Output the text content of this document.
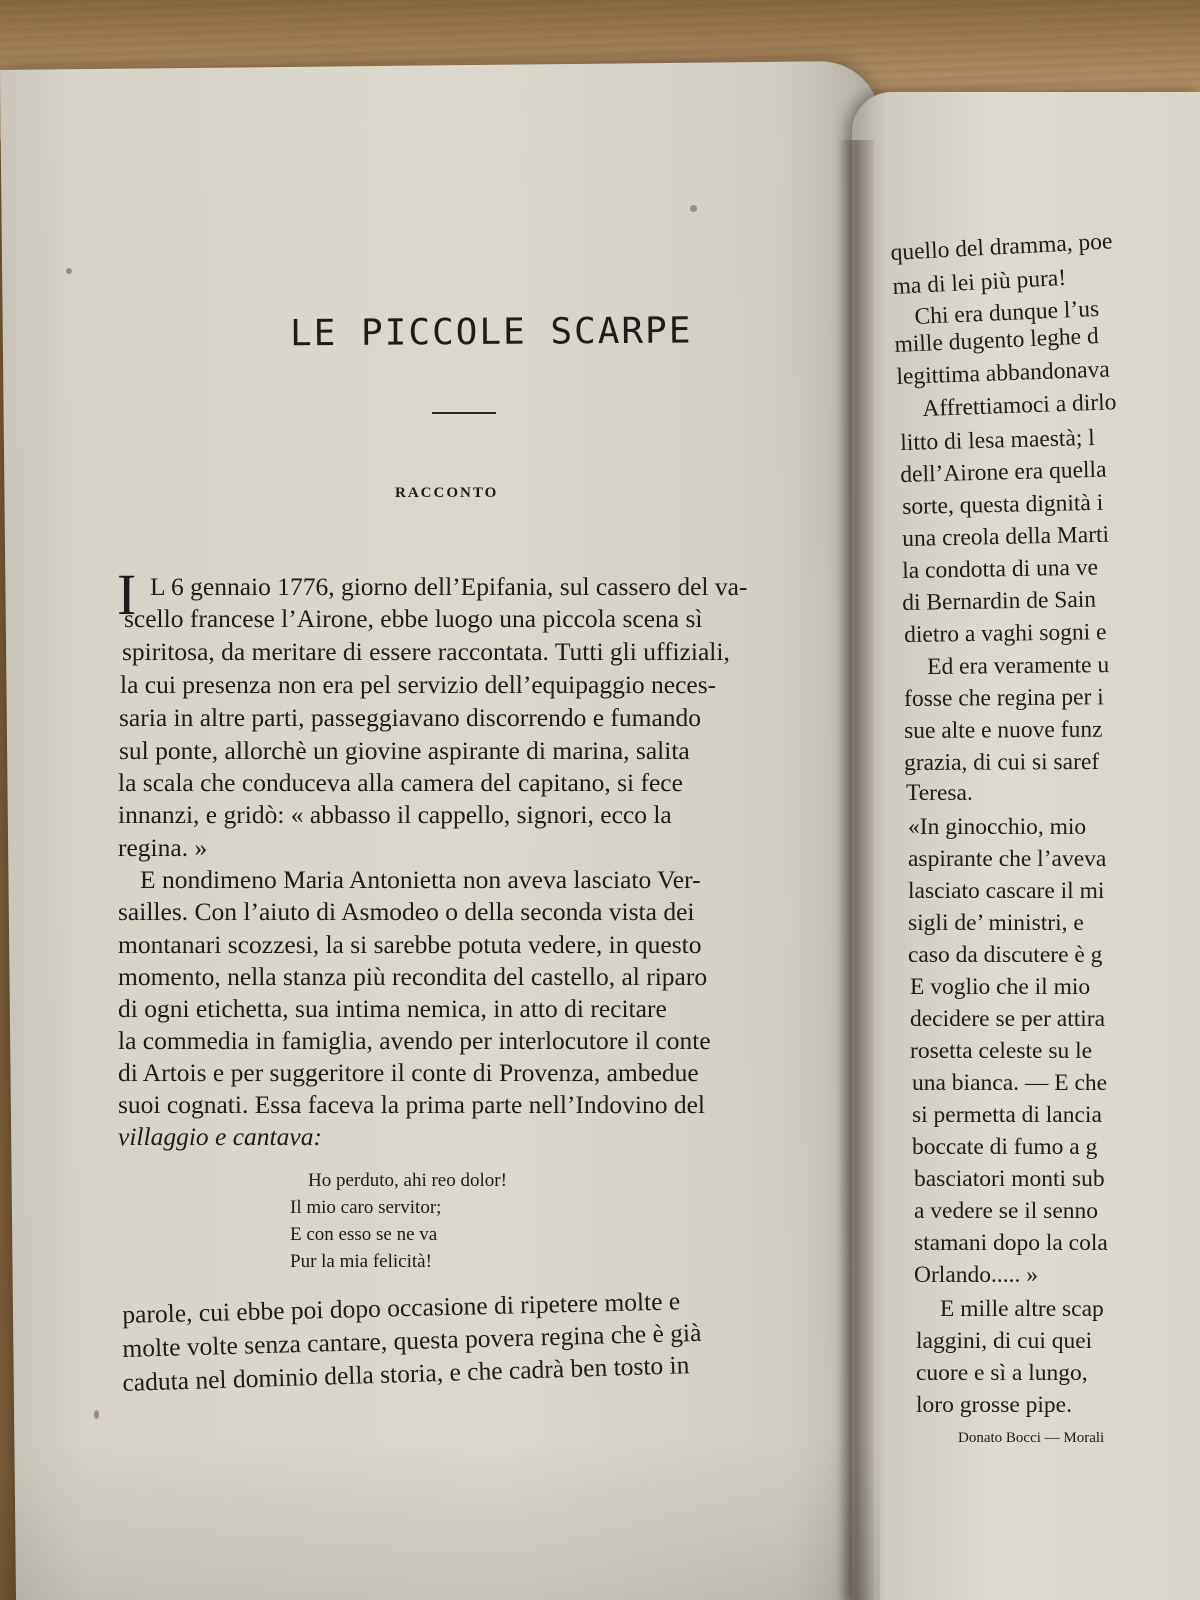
LE PICCOLE SCARPE
RACCONTO
I L 6 gennaio 1776, giorno dell’Epifania, sul cassero del va-
scello francese l’Airone, ebbe luogo una piccola scena sì
spiritosa, da meritare di essere raccontata. Tutti gli uffiziali,
la cui presenza non era pel servizio dell’equipaggio neces-
saria in altre parti, passeggiavano discorrendo e fumando
sul ponte, allorchè un giovine aspirante di marina, salita
la scala che conduceva alla camera del capitano, si fece
innanzi, e gridò: « abbasso il cappello, signori, ecco la
regina. »
E nondimeno Maria Antonietta non aveva lasciato Ver-
sailles. Con l’aiuto di Asmodeo o della seconda vista dei
montanari scozzesi, la si sarebbe potuta vedere, in questo
momento, nella stanza più recondita del castello, al riparo
di ogni etichetta, sua intima nemica, in atto di recitare
la commedia in famiglia, avendo per interlocutore il conte
di Artois e per suggeritore il conte di Provenza, ambedue
suoi cognati. Essa faceva la prima parte nell’Indovino del
villaggio e cantava:
Ho perduto, ahi reo dolor!
Il mio caro servitor;
E con esso se ne va
Pur la mia felicità!
parole, cui ebbe poi dopo occasione di ripetere molte e
molte volte senza cantare, questa povera regina che è già
caduta nel dominio della storia, e che cadrà ben tosto in
quello del dramma, poe
ma di lei più pura!
Chi era dunque l’us
mille dugento leghe d
legittima abbandonava
Affrettiamoci a dirlo
litto di lesa maestà; l
dell’Airone era quella
sorte, questa dignità i
una creola della Marti
la condotta di una ve
di Bernardin de Sain
dietro a vaghi sogni e
Ed era veramente u
fosse che regina per i
sue alte e nuove funz
grazia, di cui si saref
Teresa.
«In ginocchio, mio
aspirante che l’aveva
lasciato cascare il mi
sigli de’ ministri, e
caso da discutere è g
E voglio che il mio
decidere se per attira
rosetta celeste su le
una bianca. — E che
si permetta di lancia
boccate di fumo a g
basciatori monti sub
a vedere se il senno
stamani dopo la cola
Orlando..... »
E mille altre scap
laggini, di cui quei
cuore e sì a lungo,
loro grosse pipe.
Donato Bocci — Morali
